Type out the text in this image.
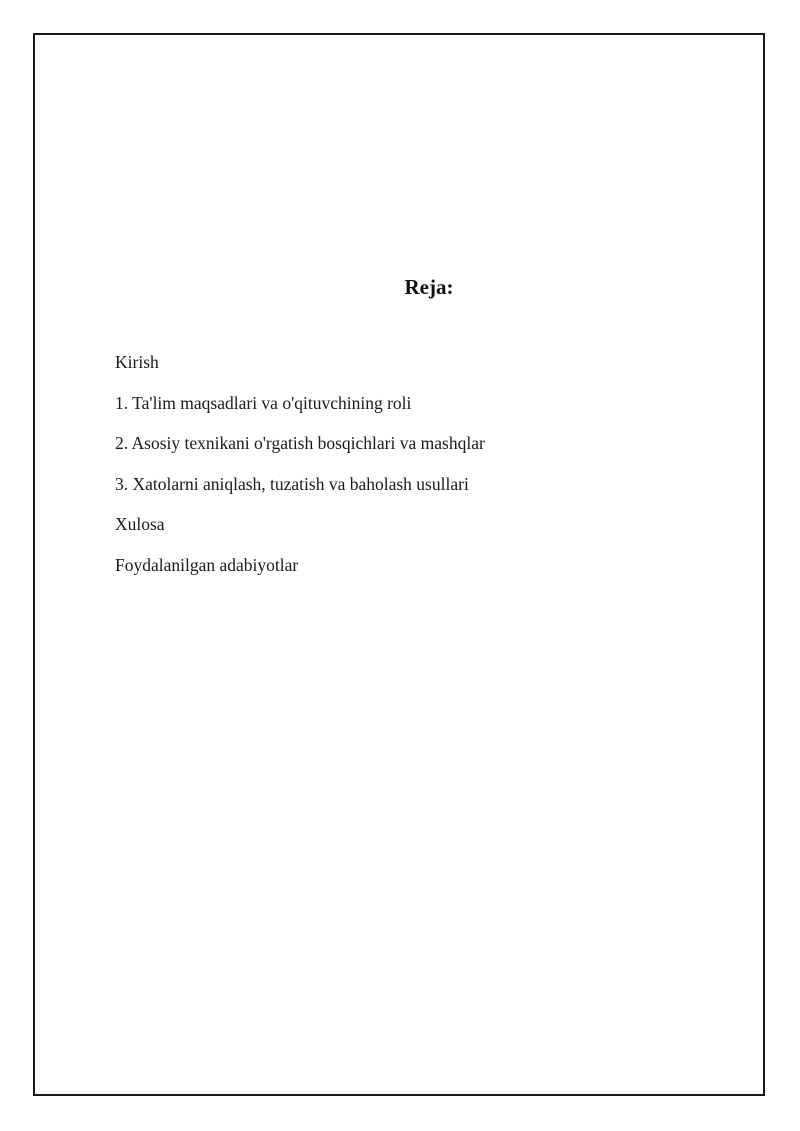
Reja:
Kirish
1. Ta'lim maqsadlari va o'qituvchining roli
2. Asosiy texnikani o'rgatish bosqichlari va mashqlar
3. Xatolarni aniqlash, tuzatish va baholash usullari
Xulosa
Foydalanilgan adabiyotlar
